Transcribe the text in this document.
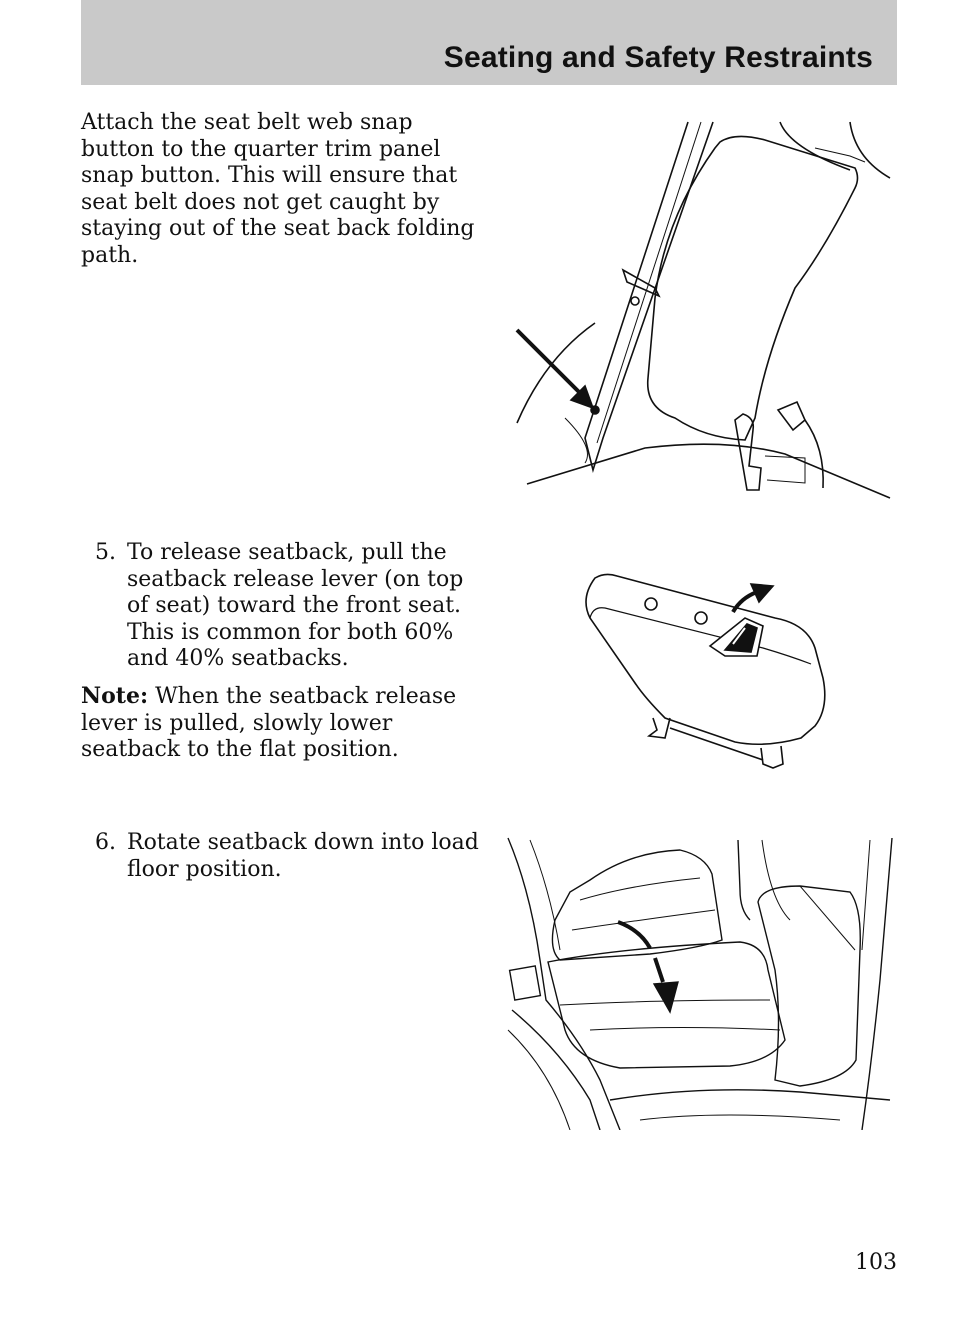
Seating and Safety Restraints

Attach the seat belt web snap button to the quarter trim panel snap button. This will ensure that seat belt does not get caught by staying out of the seat back folding path.

5. To release seatback, pull the seatback release lever (on top of seat) toward the front seat. This is common for both 60% and 40% seatbacks.

Note: When the seatback release lever is pulled, slowly lower seatback to the flat position.

6. Rotate seatback down into load floor position.
103
